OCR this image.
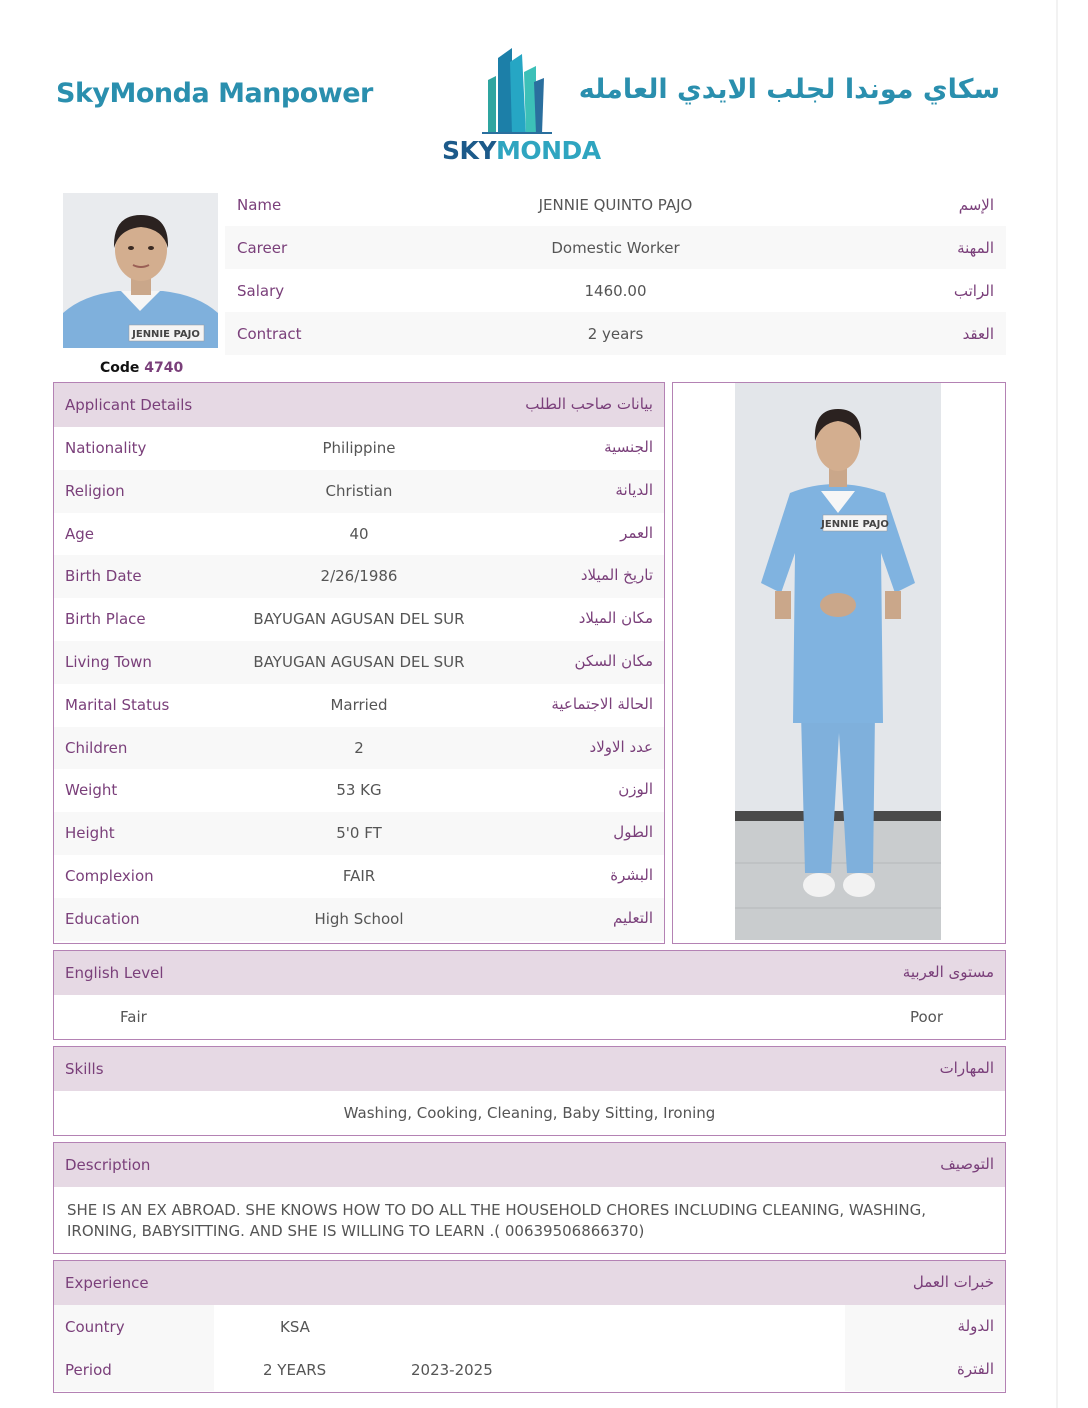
SkyMonda Manpower
SKYMONDA
سكاي موندا لجلب الايدي العامله
JENNIE PAJO
Code 4740
Name	JENNIE QUINTO PAJO	الإسم
Career	Domestic Worker	المهنة
Salary	1460.00	الراتب
Contract	2 years	العقد
Applicant Details	بيانات صاحب الطلب
Nationality	Philippine	الجنسية
Religion	Christian	الديانة
Age	40	العمر
Birth Date	2/26/1986	تاريخ الميلاد
Birth Place	BAYUGAN AGUSAN DEL SUR	مكان الميلاد
Living Town	BAYUGAN AGUSAN DEL SUR	مكان السكن
Marital Status	Married	الحالة الاجتماعية
Children	2	عدد الاولاد
Weight	53 KG	الوزن
Height	5'0 FT	الطول
Complexion	FAIR	البشرة
Education	High School	التعليم
JENNIE PAJO
English Level	مستوى العربية
Fair	Poor
Skills	المهارات
Washing, Cooking, Cleaning, Baby Sitting, Ironing
Description	التوصيف
SHE IS AN EX ABROAD. SHE KNOWS HOW TO DO ALL THE HOUSEHOLD CHORES INCLUDING CLEANING, WASHING, IRONING, BABYSITTING. AND SHE IS WILLING TO LEARN .( 00639506866370)
Experience	خبرات العمل
Country	KSA	الدولة
Period	2 YEARS	2023-2025	الفترة
